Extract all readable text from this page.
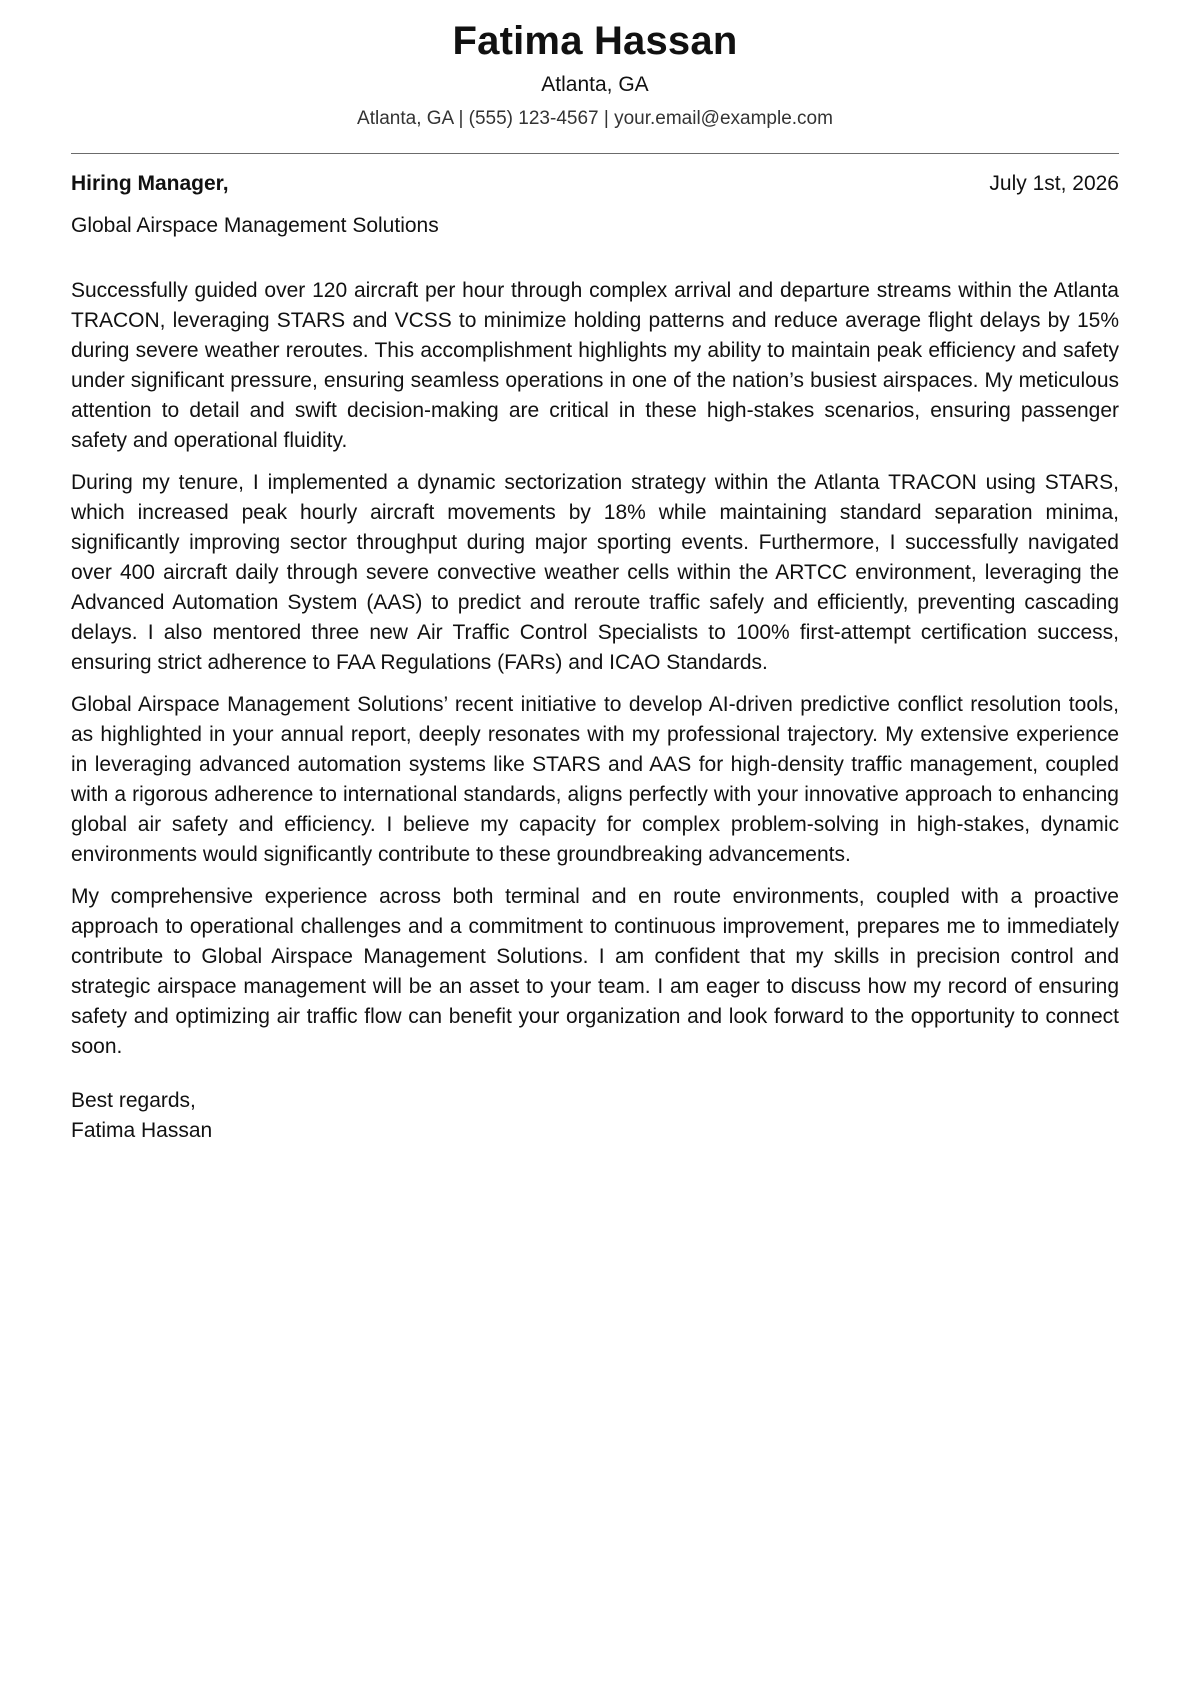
Fatima Hassan
Atlanta, GA
Atlanta, GA | (555) 123-4567 | your.email@example.com
Hiring Manager,	July 1st, 2026
Global Airspace Management Solutions

Successfully guided over 120 aircraft per hour through complex arrival and departure streams within the Atlanta TRACON, leveraging STARS and VCSS to minimize holding patterns and reduce average flight delays by 15% during severe weather reroutes. This accomplishment highlights my ability to maintain peak efficiency and safety under significant pressure, ensuring seamless operations in one of the nation’s busiest airspaces. My meticulous attention to detail and swift decision-making are critical in these high-stakes scenarios, ensuring passenger safety and operational fluidity.

During my tenure, I implemented a dynamic sectorization strategy within the Atlanta TRACON using STARS, which increased peak hourly aircraft movements by 18% while maintaining standard separation minima, significantly improving sector throughput during major sporting events. Furthermore, I successfully navigated over 400 aircraft daily through severe convective weather cells within the ARTCC environment, leveraging the Advanced Automation System (AAS) to predict and reroute traffic safely and efficiently, preventing cascading delays. I also mentored three new Air Traffic Control Specialists to 100% first-attempt certification success, ensuring strict adherence to FAA Regulations (FARs) and ICAO Standards.

Global Airspace Management Solutions’ recent initiative to develop AI-driven predictive conflict resolution tools, as highlighted in your annual report, deeply resonates with my professional trajectory. My extensive experience in leveraging advanced automation systems like STARS and AAS for high-density traffic management, coupled with a rigorous adherence to international standards, aligns perfectly with your innovative approach to enhancing global air safety and efficiency. I believe my capacity for complex problem-solving in high-stakes, dynamic environments would significantly contribute to these groundbreaking advancements.

My comprehensive experience across both terminal and en route environments, coupled with a proactive approach to operational challenges and a commitment to continuous improvement, prepares me to immediately contribute to Global Airspace Management Solutions. I am confident that my skills in precision control and strategic airspace management will be an asset to your team. I am eager to discuss how my record of ensuring safety and optimizing air traffic flow can benefit your organization and look forward to the opportunity to connect soon.

Best regards,
Fatima Hassan
